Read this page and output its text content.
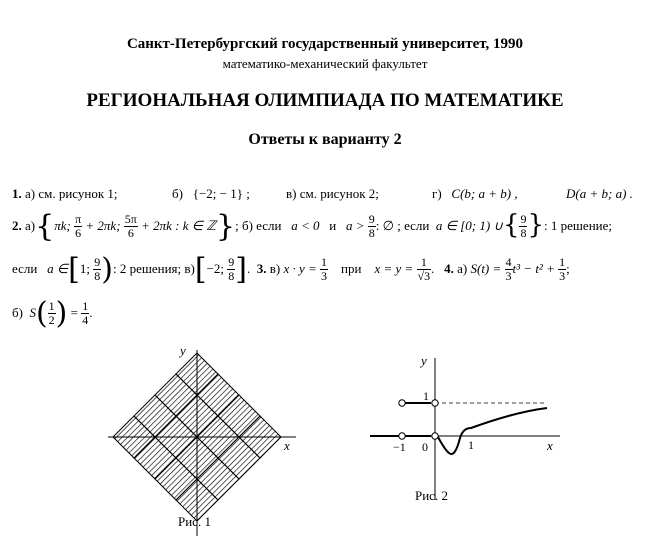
Санкт-Петербургский государственный университет, 1990
математико-механический факультет
РЕГИОНАЛЬНАЯ ОЛИМПИАДА ПО МАТЕМАТИКЕ
Ответы к варианту 2
1. а) см. рисунок 1;	б) {−2; − 1} ;	в) см. рисунок 2;	г) C(b; a + b) ,	D(a + b; a) .
2.
а) { πk;
$\frac{\pi}{6}$
+ 2πk;
$\frac{5\pi}{6}$
+ 2πk : k ∈ ℤ } ; б) если
a < 0
и
a >
$\frac{9}{8}$ : ∅ ; если
a ∈ [0; 1) ∪ { $\frac{9}{8}$ } : 1 решение;
если
a ∈ [ 1;
$\frac{9}{8}$ ) : 2 решения;
в) [ −2;
$\frac{9}{8}$ ] .
3.
в)
x · y =
$\frac{1}{3}$
при
x = y =
$\frac{1}{√3}$ .
4.
а)
S(t) =
$\frac{4}{3} t^3 - t^2$ +
$\frac{1}{3}$ ;
б)
S ( $\frac{1}{2}$ )
=
$\frac{1}{4}$ .
x
y
Рис. 1
y
x
1
−1 0	1
Рис. 2
